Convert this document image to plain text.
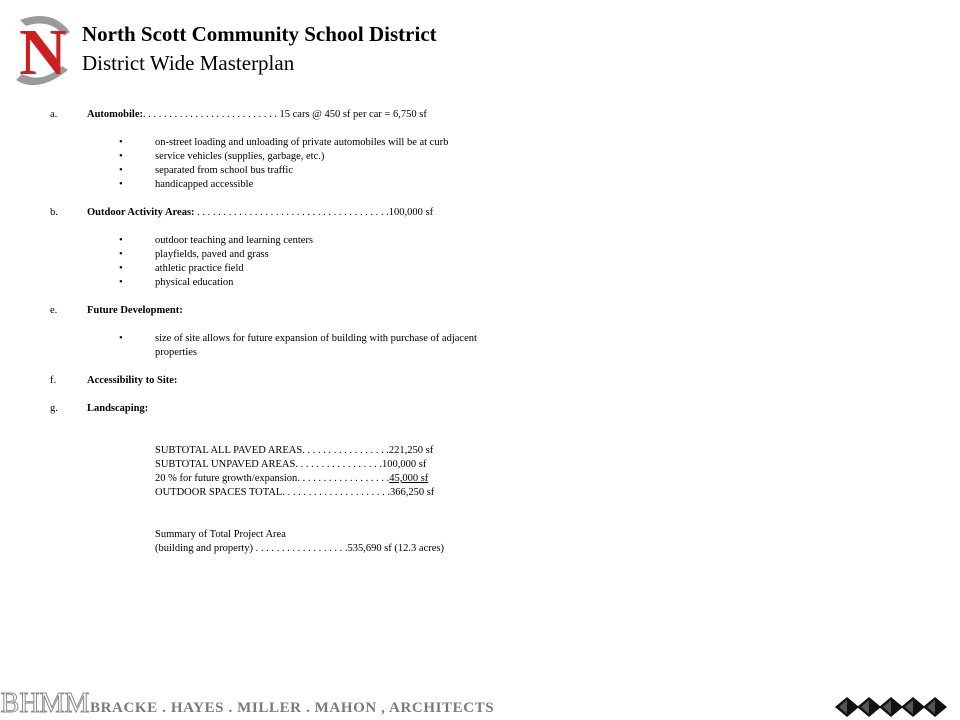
N North Scott Community School District
District Wide Masterplan
a.	Automobile:. . . . . . . . . . . . . . . . . . . . . . . . . . 15 cars @ 450 sf per car = 6,750 sf
•	on-street loading and unloading of private automobiles will be at curb
•	service vehicles (supplies, garbage, etc.)
•	separated from school bus traffic
•	handicapped accessible
b.	Outdoor Activity Areas: . . . . . . . . . . . . . . . . . . . . . . . . . . . . . . . . . . . . .100,000 sf
•	outdoor teaching and learning centers
•	playfields, paved and grass
•	athletic practice field
•	physical education
e.	Future Development:
•	size of site allows for future expansion of building with purchase of adjacent properties
f.	Accessibility to Site:
g.	Landscaping:
SUBTOTAL ALL PAVED AREAS . . . . . . . . . . . . . . . . . 221,250 sf
SUBTOTAL UNPAVED AREAS . . . . . . . . . . . . . . . . . 100,000 sf
20 % for future growth/expansion . . . . . . . . . . . . . . . . . . 45,000 sf
OUTDOOR SPACES TOTAL . . . . . . . . . . . . . . . . . . . . . 366,250 sf
Summary of Total Project Area
(building and property) . . . . . . . . . . . . . . . . . .535,690 sf (12.3 acres)
BHMM BRACKE . HAYES . MILLER . MAHON , ARCHITECTS
